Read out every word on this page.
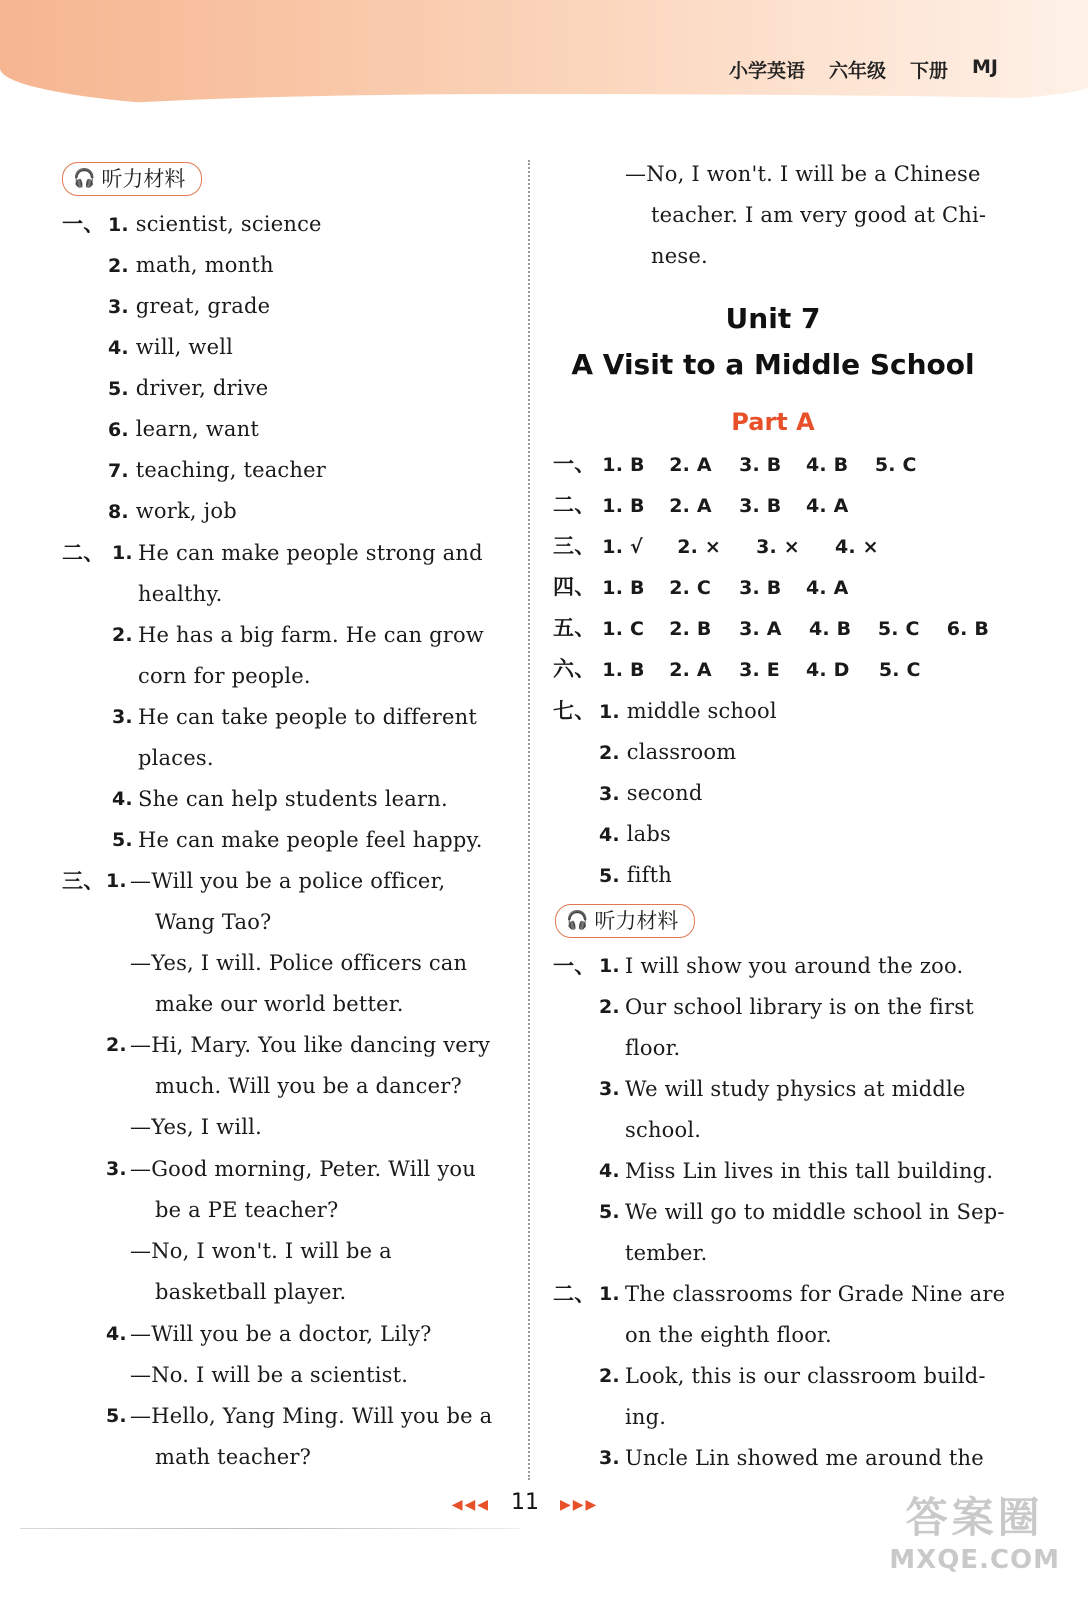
小学英语 六年级 下册 MJ
🎧 听力材料
一、 1. scientist, science
2. math, month
3. great, grade
4. will, well
5. driver, drive
6. learn, want
7. teaching, teacher
8. work, job
二、 1. He can make people strong and
healthy.
2. He has a big farm. He can grow
corn for people.
3. He can take people to different
places.
4. She can help students learn.
5. He can make people feel happy.
三、 1. —Will you be a police officer,
Wang Tao?
—Yes, I will. Police officers can
make our world better.
2. —Hi, Mary. You like dancing very
much. Will you be a dancer?
—Yes, I will.
3. —Good morning, Peter. Will you
be a PE teacher?
—No, I won't. I will be a
basketball player.
4. —Will you be a doctor, Lily?
—No. I will be a scientist.
5. —Hello, Yang Ming. Will you be a
math teacher?
—No, I won't. I will be a Chinese
teacher. I am very good at Chi-
nese.
Unit 7
A Visit to a Middle School
Part A
一、 1. B 2. A 3. B 4. B 5. C
二、 1. B 2. A 3. B 4. A
三、 1. √ 2. × 3. × 4. ×
四、 1. B 2. C 3. B 4. A
五、 1. C 2. B 3. A 4. B 5. C 6. B
六、 1. B 2. A 3. E 4. D 5. C
七、 1. middle school
2. classroom
3. second
4. labs
5. fifth
🎧 听力材料
一、 1. I will show you around the zoo.
2. Our school library is on the first
floor.
3. We will study physics at middle
school.
4. Miss Lin lives in this tall building.
5. We will go to middle school in Sep-
tember.
二、 1. The classrooms for Grade Nine are
on the eighth floor.
2. Look, this is our classroom build-
ing.
3. Uncle Lin showed me around the
◀◀◀ 11 ▶▶▶	答案圈
MXQE.COM
